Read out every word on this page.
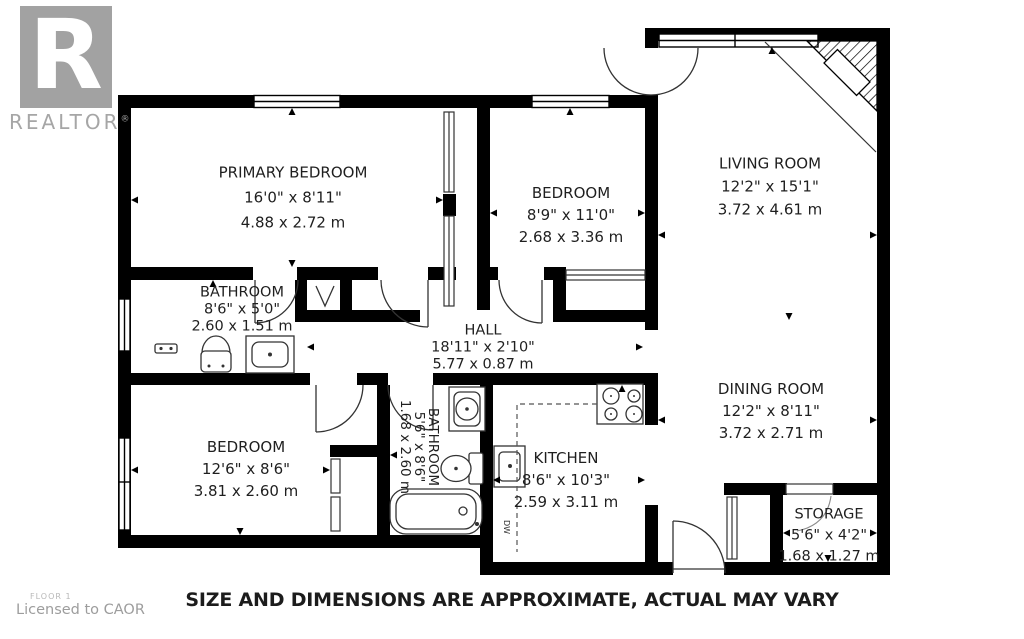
DW
PRIMARY BEDROOM
16'0" x 8'11"
4.88 x 2.72 m
BEDROOM
8'9" x 11'0"
2.68 x 3.36 m
LIVING ROOM
12'2" x 15'1"
3.72 x 4.61 m
BATHROOM
8'6" x 5'0"
2.60 x 1.51 m	HALL
18'11" x 2'10"
5.77 x 0.87 m
DINING ROOM
12'2" x 8'11"
3.72 x 2.71 m
BEDROOM
12'6" x 8'6"
3.81 x 2.60 m
BATHROOM
5'6" x 8'6"
1.68 x 2.60 m	KITCHEN
8'6" x 10'3"
2.59 x 3.11 m
STORAGE
5'6" x 4'2"
1.68 x 1.27 m
R
REALTOR®
SIZE AND DIMENSIONS ARE APPROXIMATE, ACTUAL MAY VARY
FLOOR 1
Licensed to CAOR
